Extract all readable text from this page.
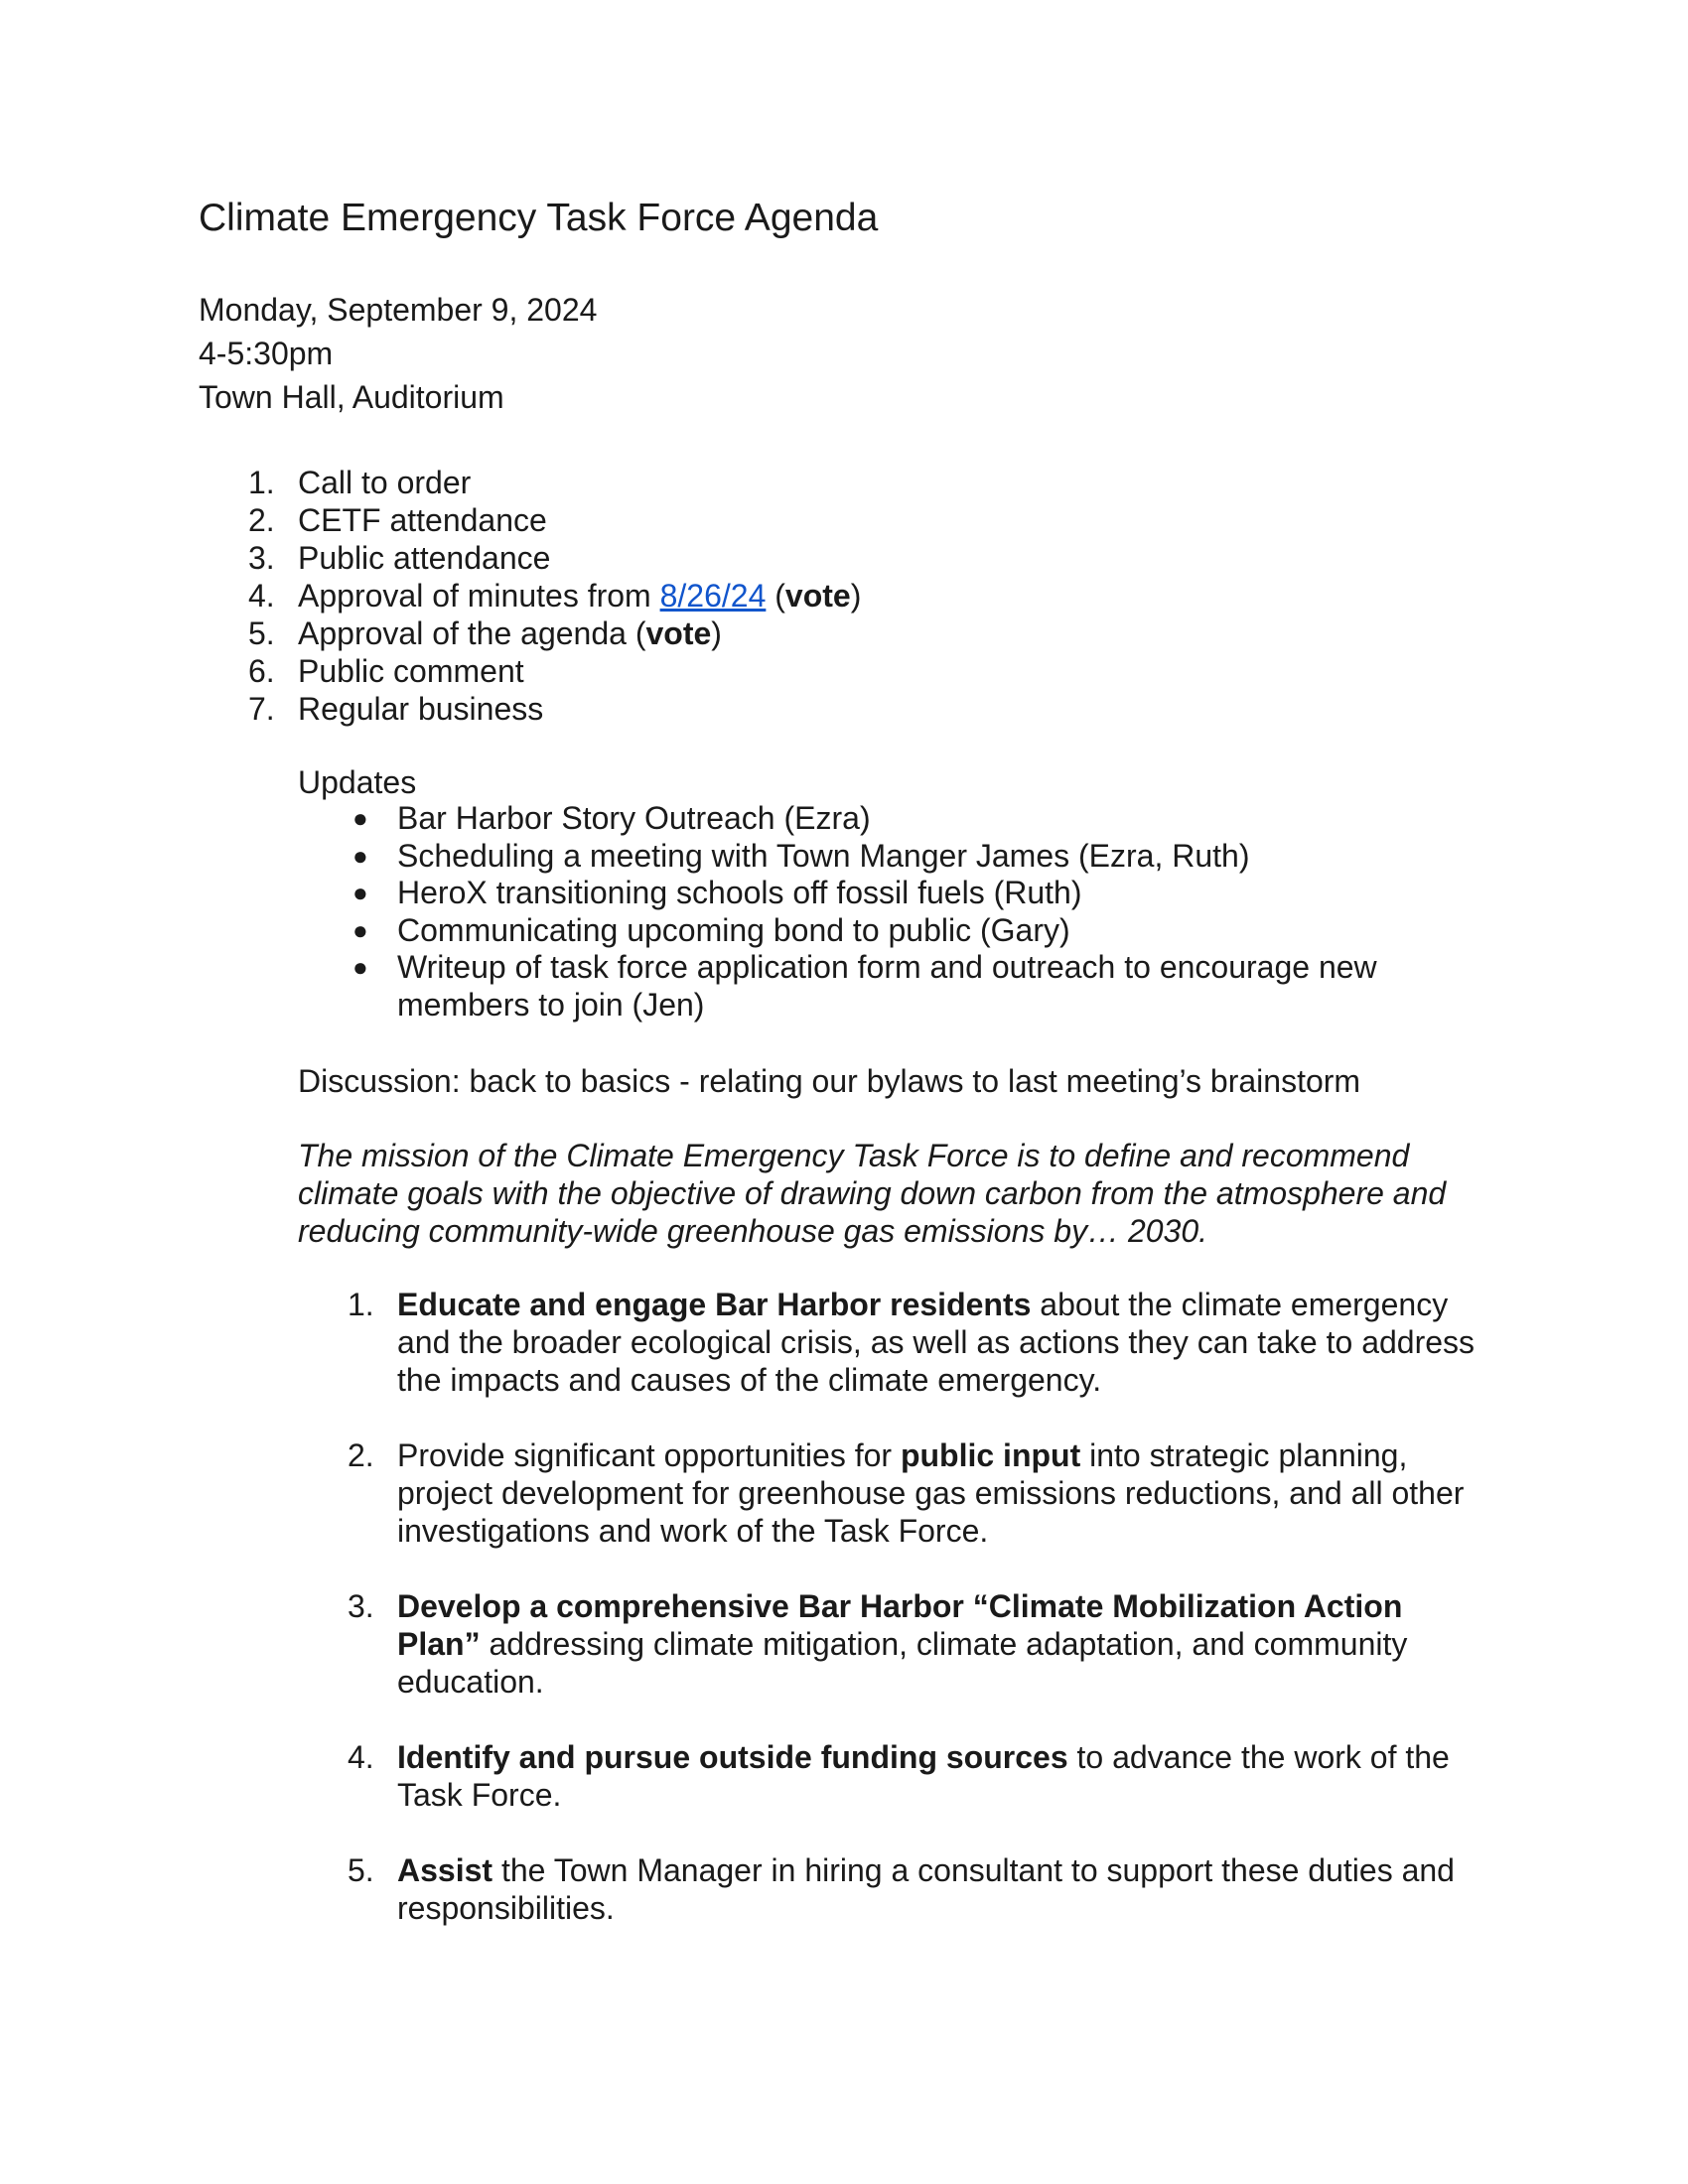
Climate Emergency Task Force Agenda
Monday, September 9, 2024
4-5:30pm
Town Hall, Auditorium
1. Call to order
2. CETF attendance
3. Public attendance
4. Approval of minutes from 8/26/24 (vote)
5. Approval of the agenda (vote)
6. Public comment
7. Regular business
Updates
● Bar Harbor Story Outreach (Ezra)
● Scheduling a meeting with Town Manger James (Ezra, Ruth)
● HeroX transitioning schools off fossil fuels (Ruth)
● Communicating upcoming bond to public (Gary)
● Writeup of task force application form and outreach to encourage new members to join (Jen)
Discussion: back to basics - relating our bylaws to last meeting’s brainstorm
The mission of the Climate Emergency Task Force is to define and recommend climate goals with the objective of drawing down carbon from the atmosphere and reducing community-wide greenhouse gas emissions by… 2030.
1. Educate and engage Bar Harbor residents about the climate emergency and the broader ecological crisis, as well as actions they can take to address the impacts and causes of the climate emergency.
2. Provide significant opportunities for public input into strategic planning, project development for greenhouse gas emissions reductions, and all other investigations and work of the Task Force.
3. Develop a comprehensive Bar Harbor “Climate Mobilization Action Plan” addressing climate mitigation, climate adaptation, and community education.
4. Identify and pursue outside funding sources to advance the work of the Task Force.
5. Assist the Town Manager in hiring a consultant to support these duties and responsibilities.
